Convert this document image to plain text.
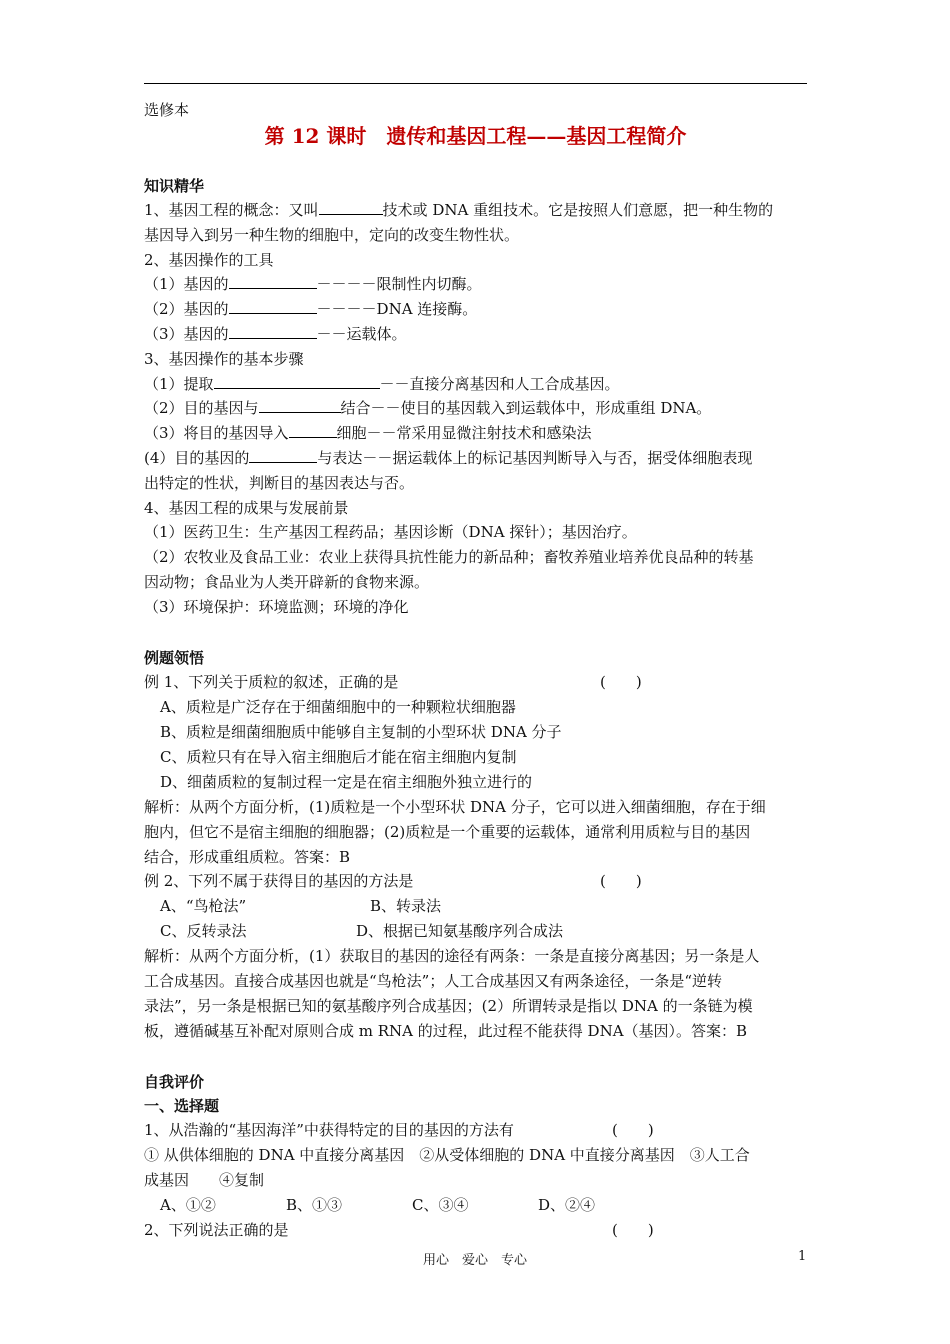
选修本
第 12 课时　遗传和基因工程——基因工程简介
知识精华
1、基因工程的概念：又叫	技术或 DNA 重组技术。它是按照人们意愿，把一种生物的
基因导入到另一种生物的细胞中，定向的改变生物性状。
2、基因操作的工具
（1）基因的	－－－－限制性内切酶。
（2）基因的	－－－－DNA 连接酶。
（3）基因的	－－运载体。
3、基因操作的基本步骤
（1）提取	－－直接分离基因和人工合成基因。
（2）目的基因与	结合－－使目的基因载入到运载体中，形成重组 DNA。
（3）将目的基因导入	细胞－－常采用显微注射技术和感染法
(4）目的基因的	与表达－－据运载体上的标记基因判断导入与否，据受体细胞表现
出特定的性状，判断目的基因表达与否。
4、基因工程的成果与发展前景
（1）医药卫生：生产基因工程药品；基因诊断（DNA 探针）；基因治疗。
（2）农牧业及食品工业：农业上获得具抗性能力的新品种；畜牧养殖业培养优良品种的转基
因动物；食品业为人类开辟新的食物来源。
（3）环境保护：环境监测；环境的净化
例题领悟
例 1、下列关于质粒的叙述，正确的是	(　　)
A、质粒是广泛存在于细菌细胞中的一种颗粒状细胞器
B、质粒是细菌细胞质中能够自主复制的小型环状 DNA 分子
C、质粒只有在导入宿主细胞后才能在宿主细胞内复制
D、细菌质粒的复制过程一定是在宿主细胞外独立进行的
解析：从两个方面分析，(1)质粒是一个小型环状 DNA 分子，它可以进入细菌细胞，存在于细
胞内，但它不是宿主细胞的细胞器；(2)质粒是一个重要的运载体，通常利用质粒与目的基因
结合，形成重组质粒。答案：B
例 2、下列不属于获得目的基因的方法是	(　　)
A、“鸟枪法”	B、转录法
C、反转录法	D、根据已知氨基酸序列合成法
解析：从两个方面分析，(1）获取目的基因的途径有两条：一条是直接分离基因；另一条是人
工合成基因。直接合成基因也就是“鸟枪法”；人工合成基因又有两条途径，一条是“逆转
录法”，另一条是根据已知的氨基酸序列合成基因；(2）所谓转录是指以 DNA 的一条链为模
板，遵循碱基互补配对原则合成 m RNA 的过程，此过程不能获得 DNA（基因）。答案：B
自我评价
一、选择题
1、从浩瀚的“基因海洋”中获得特定的目的基因的方法有	(　　)
① 从供体细胞的 DNA 中直接分离基因　②从受体细胞的 DNA 中直接分离基因　③人工合
成基因　　④复制
A、①②	B、①③	C、③④	D、②④
2、下列说法正确的是	(　　)
用心　爱心　专心	1
